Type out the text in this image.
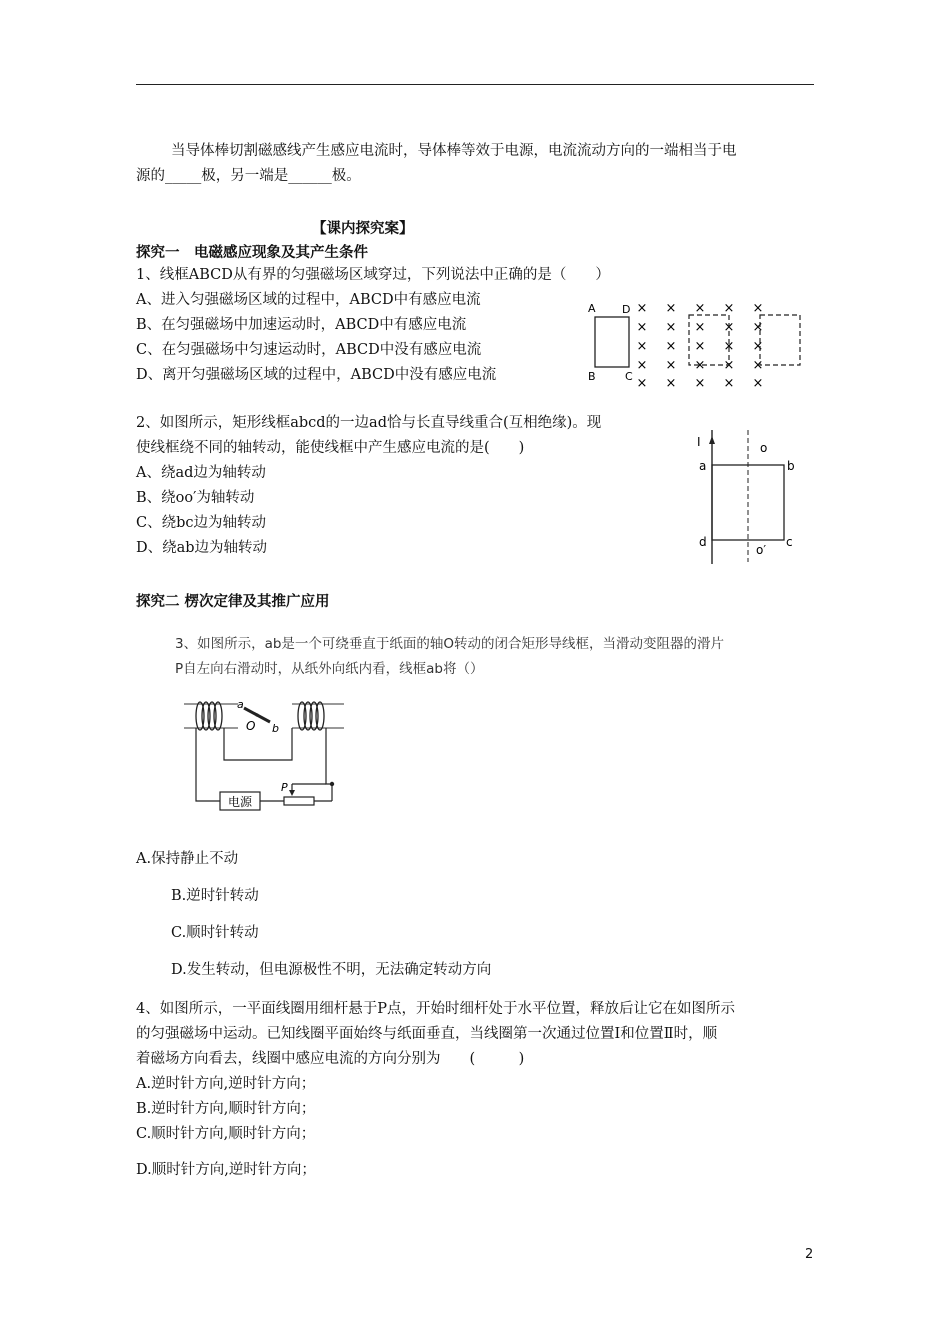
当导体棒切割磁感线产生感应电流时，导体棒等效于电源，电流流动方向的一端相当于电
源的_____极，另一端是______极。
【课内探究案】
探究一　电磁感应现象及其产生条件
1、线框ABCD从有界的匀强磁场区域穿过，下列说法中正确的是（　　）
A、进入匀强磁场区域的过程中，ABCD中有感应电流
B、在匀强磁场中加速运动时，ABCD中有感应电流
C、在匀强磁场中匀速运动时，ABCD中没有感应电流
D、离开匀强磁场区域的过程中，ABCD中没有感应电流
A D
B	C
× × × × ×
× × × × ×
× × × × ×
× × × × ×
× × × × ×
2、如图所示，矩形线框abcd的一边ad恰与长直导线重合(互相绝缘)。现
使线框绕不同的轴转动，能使线框中产生感应电流的是(　　)
A、绕ad边为轴转动
B、绕oo′为轴转动
C、绕bc边为轴转动
D、绕ab边为轴转动
I	o
o′
a	b
c
d
探究二 楞次定律及其推广应用
3、如图所示，ab是一个可绕垂直于纸面的轴O转动的闭合矩形导线框，当滑动变阻器的滑片
P自左向右滑动时，从纸外向纸内看，线框ab将（）
a
b
O
电源
P
A.保持静止不动
B.逆时针转动
C.顺时针转动
D.发生转动，但电源极性不明，无法确定转动方向
4、如图所示，一平面线圈用细杆悬于P点，开始时细杆处于水平位置，释放后让它在如图所示
的匀强磁场中运动。已知线圈平面始终与纸面垂直，当线圈第一次通过位置Ⅰ和位置Ⅱ时，顺
着磁场方向看去，线圈中感应电流的方向分别为　　(　　　)
A.逆时针方向,逆时针方向；
B.逆时针方向,顺时针方向；
C.顺时针方向,顺时针方向；
D.顺时针方向,逆时针方向；
2
